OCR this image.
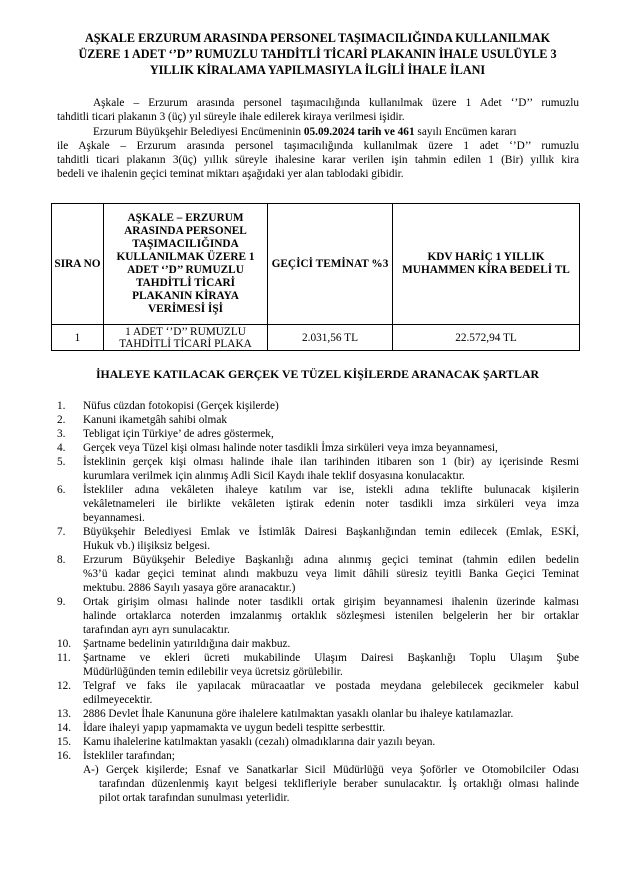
AŞKALE ERZURUM ARASINDA PERSONEL TAŞIMACILIĞINDA KULLANILMAK
ÜZERE 1 ADET ‘’D’’ RUMUZLU TAHDİTLİ TİCARİ PLAKANIN İHALE USULÜYLE 3
YILLIK KİRALAMA YAPILMASIYLA İLGİLİ İHALE İLANI
Aşkale – Erzurum arasında personel taşımacılığında kullanılmak üzere 1 Adet ‘’D’’ rumuzlu
tahditli ticari plakanın 3 (üç) yıl süreyle ihale edilerek kiraya verilmesi işidir.
Erzurum Büyükşehir Belediyesi Encümeninin 05.09.2024 tarih ve 461 sayılı Encümen kararı
ile Aşkale – Erzurum arasında personel taşımacılığında kullanılmak üzere 1 adet ‘’D’’ rumuzlu
tahditli ticari plakanın 3(üç) yıllık süreyle ihalesine karar verilen işin tahmin edilen 1 (Bir) yıllık kira
bedeli ve ihalenin geçici teminat miktarı aşağıdaki yer alan tablodaki gibidir.
SIRA NO	AŞKALE – ERZURUM ARASINDA PERSONEL TAŞIMACILIĞINDA KULLANILMAK ÜZERE 1 ADET ‘’D’’ RUMUZLU TAHDİTLİ TİCARİ PLAKANIN KİRAYA VERİMESİ İŞİ	GEÇİCİ TEMİNAT %3	KDV HARİÇ 1 YILLIK MUHAMMEN KİRA BEDELİ TL
1	1 ADET ‘’D’’ RUMUZLU TAHDİTLİ TİCARİ PLAKA	2.031,56 TL	22.572,94 TL
İHALEYE KATILACAK GERÇEK VE TÜZEL KİŞİLERDE ARANACAK ŞARTLAR
1. Nüfus cüzdan fotokopisi (Gerçek kişilerde)
2. Kanuni ikametgâh sahibi olmak
3. Tebligat için Türkiye’ de adres göstermek,
4. Gerçek veya Tüzel kişi olması halinde noter tasdikli İmza sirküleri veya imza beyannamesi,
5. İsteklinin gerçek kişi olması halinde ihale ilan tarihinden itibaren son 1 (bir) ay içerisinde Resmi
kurumlara verilmek için alınmış Adli Sicil Kaydı ihale teklif dosyasına konulacaktır.
6. İstekliler adına vekâleten ihaleye katılım var ise, istekli adına teklifte bulunacak kişilerin
vekâletnameleri ile birlikte vekâleten iştirak edenin noter tasdikli imza sirküleri veya imza
beyannamesi.
7. Büyükşehir Belediyesi Emlak ve İstimlâk Dairesi Başkanlığından temin edilecek (Emlak, ESKİ,
Hukuk vb.) ilişiksiz belgesi.
8. Erzurum Büyükşehir Belediye Başkanlığı adına alınmış geçici teminat (tahmin edilen bedelin
%3’ü kadar geçici teminat alındı makbuzu veya limit dâhili süresiz teyitli Banka Geçici Teminat
mektubu. 2886 Sayılı yasaya göre aranacaktır.)
9. Ortak girişim olması halinde noter tasdikli ortak girişim beyannamesi ihalenin üzerinde kalması
halinde ortaklarca noterden imzalanmış ortaklık sözleşmesi istenilen belgelerin her bir ortaklar
tarafından ayrı ayrı sunulacaktır.
10. Şartname bedelinin yatırıldığına dair makbuz.
11. Şartname ve ekleri ücreti mukabilinde Ulaşım Dairesi Başkanlığı Toplu Ulaşım Şube
Müdürlüğünden temin edilebilir veya ücretsiz görülebilir.
12. Telgraf ve faks ile yapılacak müracaatlar ve postada meydana gelebilecek gecikmeler kabul
edilmeyecektir.
13. 2886 Devlet İhale Kanununa göre ihalelere katılmaktan yasaklı olanlar bu ihaleye katılamazlar.
14. İdare ihaleyi yapıp yapmamakta ve uygun bedeli tespitte serbesttir.
15. Kamu ihalelerine katılmaktan yasaklı (cezalı) olmadıklarına dair yazılı beyan.
16. İstekliler tarafından;
A-) Gerçek kişilerde; Esnaf ve Sanatkarlar Sicil Müdürlüğü veya Şoförler ve Otomobilciler Odası
tarafından düzenlenmiş kayıt belgesi teklifleriyle beraber sunulacaktır. İş ortaklığı olması halinde
pilot ortak tarafından sunulması yeterlidir.
